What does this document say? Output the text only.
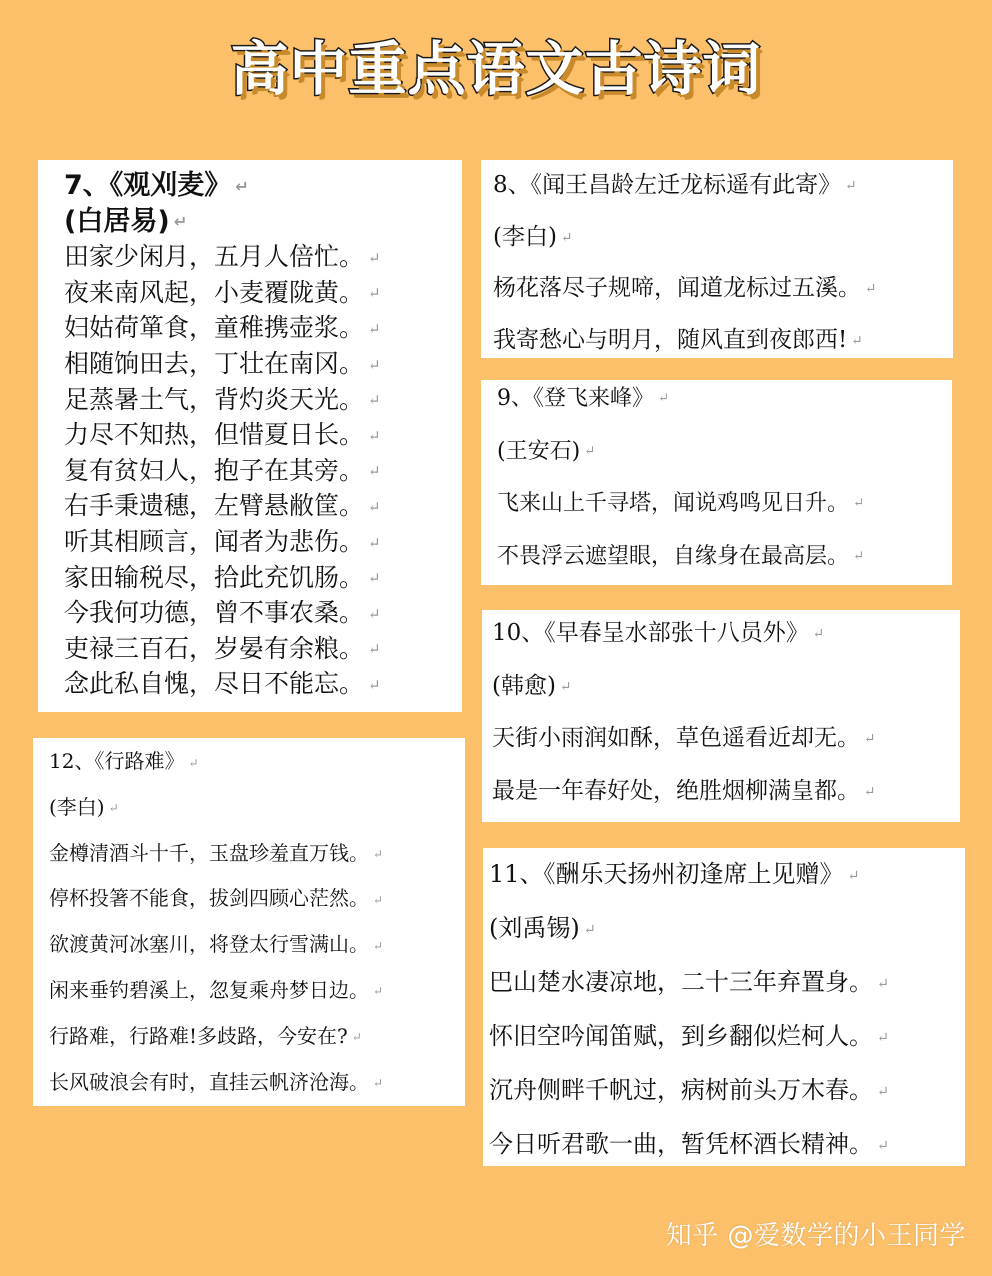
高中重点语文古诗词
7、《观刈麦》 ↵
(白居易) ↵
田家少闲月，五月人倍忙。 ↵
夜来南风起，小麦覆陇黄。 ↵
妇姑荷箪食，童稚携壶浆。 ↵
相随饷田去，丁壮在南冈。 ↵
足蒸暑土气，背灼炎天光。 ↵
力尽不知热，但惜夏日长。 ↵
复有贫妇人，抱子在其旁。 ↵
右手秉遗穗，左臂悬敝筐。 ↵
听其相顾言，闻者为悲伤。 ↵
家田输税尽，拾此充饥肠。 ↵
今我何功德，曾不事农桑。 ↵
吏禄三百石，岁晏有余粮。 ↵
念此私自愧，尽日不能忘。 ↵
8、《闻王昌龄左迁龙标遥有此寄》 ↵
(李白) ↵
杨花落尽子规啼，闻道龙标过五溪。 ↵
我寄愁心与明月，随风直到夜郎西! ↵
9、《登飞来峰》 ↵
(王安石) ↵
飞来山上千寻塔，闻说鸡鸣见日升。 ↵
不畏浮云遮望眼，自缘身在最高层。 ↵
10、《早春呈水部张十八员外》 ↵
(韩愈) ↵
天街小雨润如酥，草色遥看近却无。 ↵
最是一年春好处，绝胜烟柳满皇都。 ↵
11、《酬乐天扬州初逢席上见赠》 ↵
(刘禹锡) ↵
巴山楚水凄凉地，二十三年弃置身。 ↵
怀旧空吟闻笛赋，到乡翻似烂柯人。 ↵
沉舟侧畔千帆过，病树前头万木春。 ↵
今日听君歌一曲，暂凭杯酒长精神。 ↵
12、《行路难》 ↵
(李白) ↵
金樽清酒斗十千，玉盘珍羞直万钱。 ↵
停杯投箸不能食，拔剑四顾心茫然。 ↵
欲渡黄河冰塞川，将登太行雪满山。 ↵
闲来垂钓碧溪上，忽复乘舟梦日边。 ↵
行路难，行路难!多歧路，今安在? ↵
长风破浪会有时，直挂云帆济沧海。 ↵
知乎 @爱数学的小王同学
